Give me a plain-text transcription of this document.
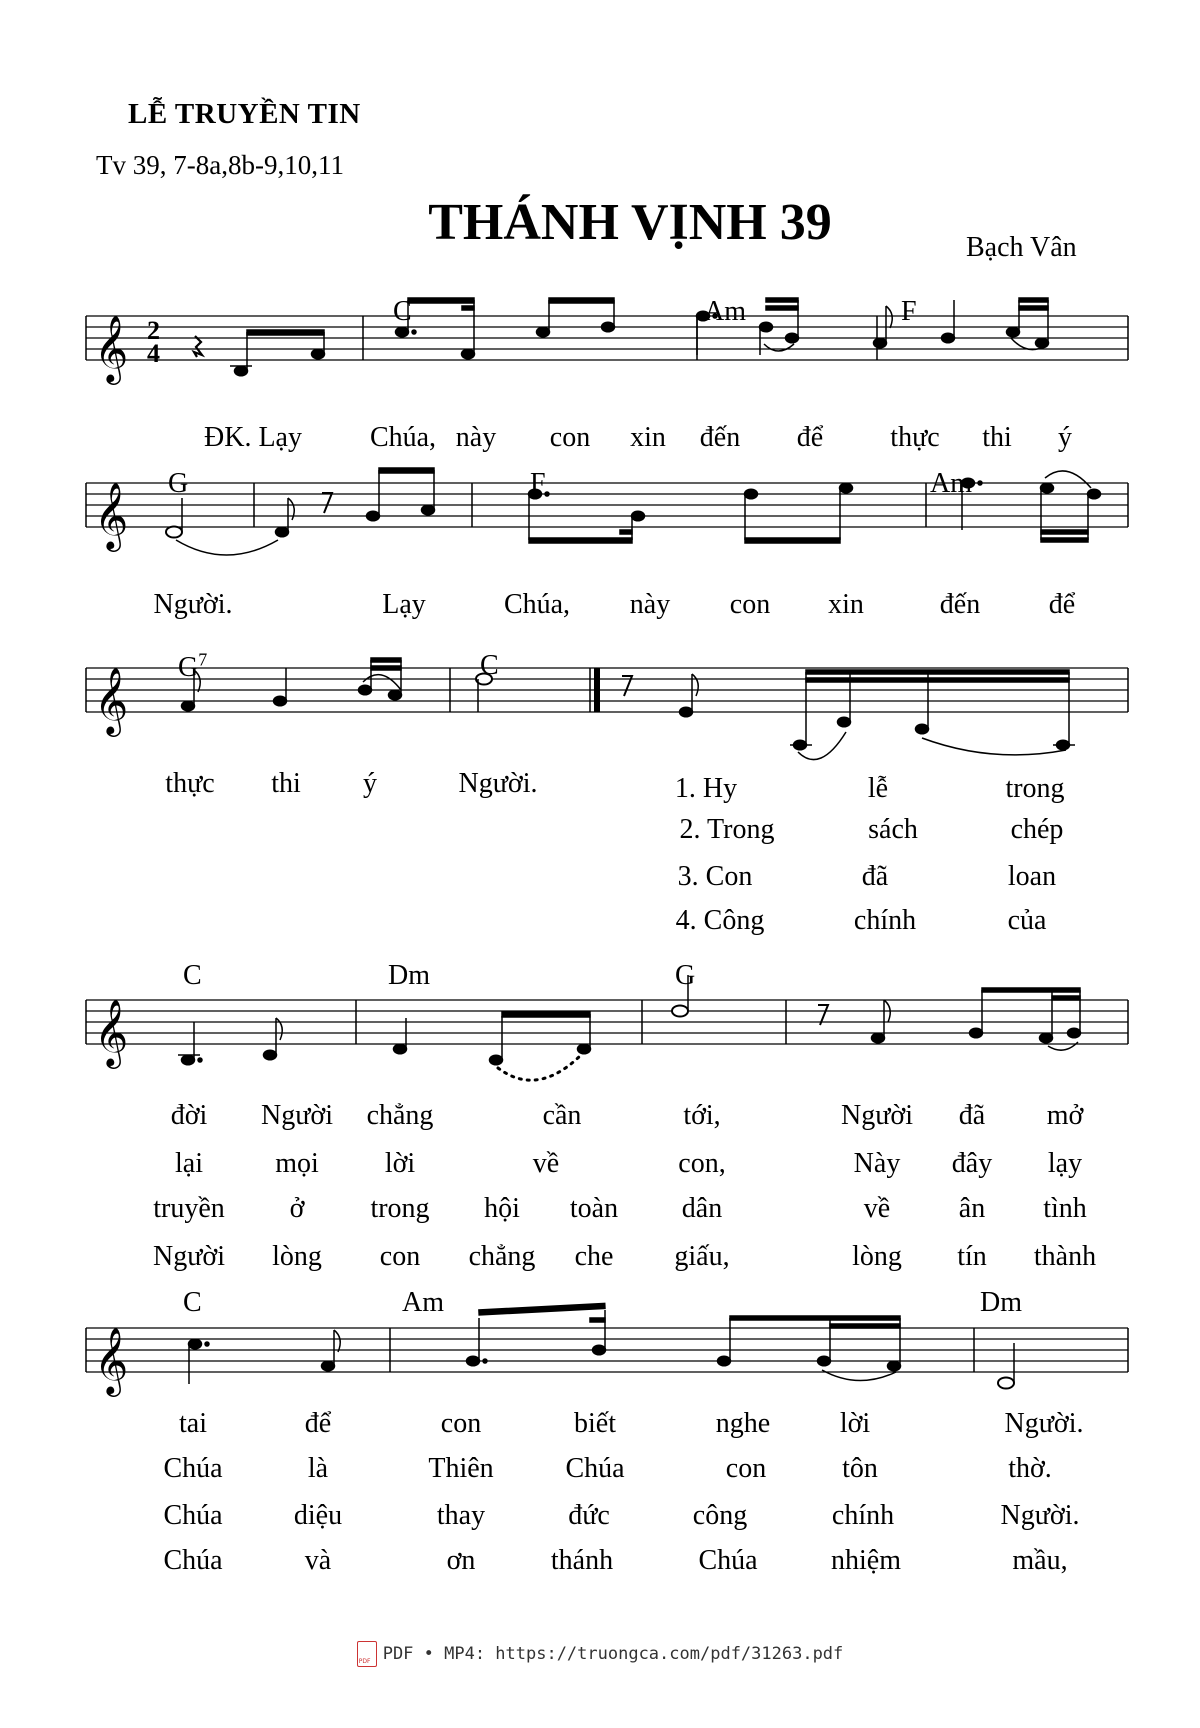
LỄ TRUYỀN TIN
Tv 39, 7-8a,8b-9,10,11
THÁNH VỊNH 39	Bạch Vân
𝄞
𝄞
𝄞
𝄞
𝄞
2
4
C	Am	F
G	F	Am
$G^7$	C
C	Dm	G
C	Am	Dm
ĐK. Lạy Chúa, này con xin đến để thực thi ý
Người.	Lạy	Chúa, này con xin	đến để
thực thi ý	Người.	1. Hy	lễ	trong
2. Trong	sách	chép
3. Con	đã	loan
4. Công	chính	của
đời Người chẳng	cần	tới,	Người đã mở
lại	mọi lời	về	con,	Này đây lạy
truyền ở trong hội toàn dân	về ân tình
Người lòng con chẳng che giấu,	lòng tín thành
tai	để	con	biết	nghe lời	Người.
Chúa	là	Thiên	Chúa	con	tôn	thờ.
Chúa	diệu	thay	đức	công	chính	Người.
Chúa	và	ơn	thánh	Chúa	nhiệm	mầu,
PDFPDF • MP4: https://truongca.com/pdf/31263.pdf
